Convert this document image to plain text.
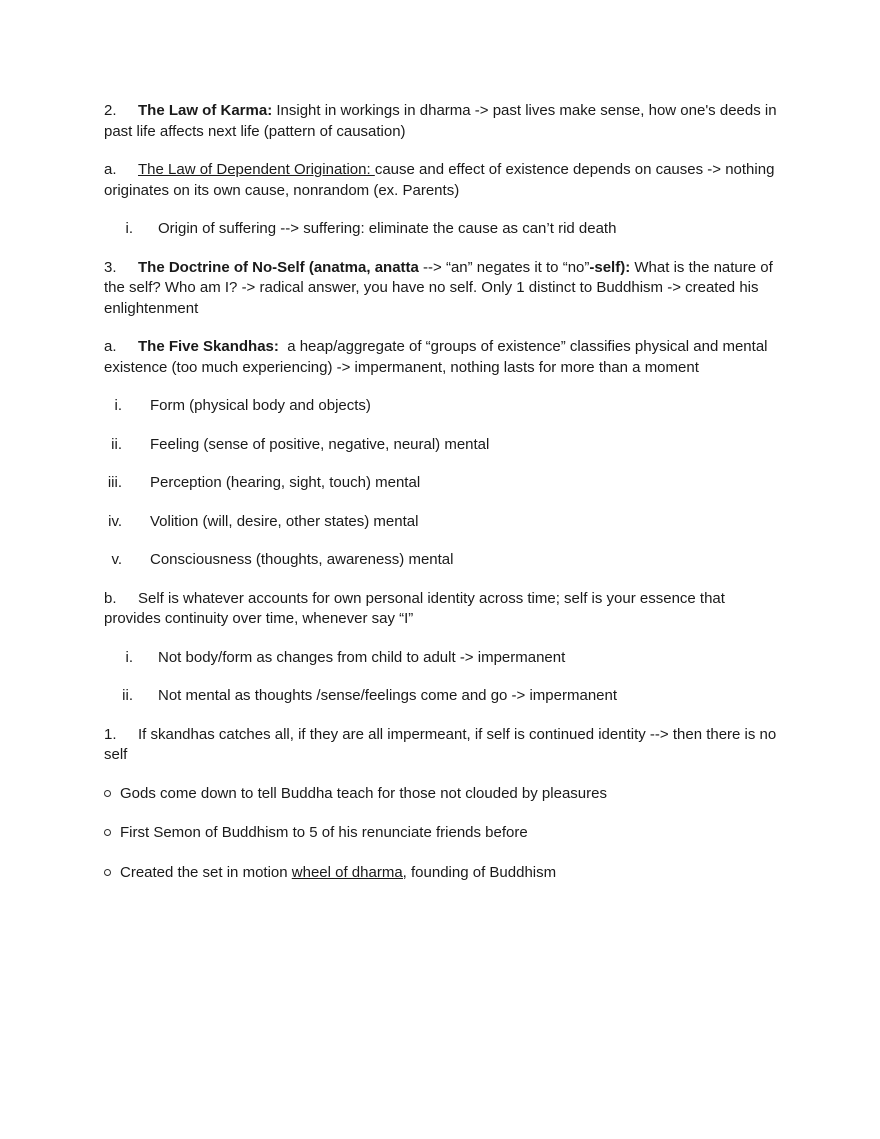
2. The Law of Karma: Insight in workings in dharma -> past lives make sense, how one's deeds in past life affects next life (pattern of causation)
a. The Law of Dependent Origination: cause and effect of existence depends on causes -> nothing originates on its own cause, nonrandom (ex. Parents)
i. Origin of suffering --> suffering: eliminate the cause as can’t rid death
3. The Doctrine of No-Self (anatma, anatta --> “an” negates it to “no”-self): What is the nature of the self? Who am I? -> radical answer, you have no self. Only 1 distinct to Buddhism -> created his enlightenment
a. The Five Skandhas:  a heap/aggregate of “groups of existence” classifies physical and mental existence (too much experiencing) -> impermanent, nothing lasts for more than a moment
i. Form (physical body and objects)
ii. Feeling (sense of positive, negative, neural) mental
iii. Perception (hearing, sight, touch) mental
iv. Volition (will, desire, other states) mental
v. Consciousness (thoughts, awareness) mental
b. Self is whatever accounts for own personal identity across time; self is your essence that provides continuity over time, whenever say “I”
i. Not body/form as changes from child to adult -> impermanent
ii. Not mental as thoughts /sense/feelings come and go -> impermanent
1. If skandhas catches all, if they are all impermeant, if self is continued identity --> then there is no self
Gods come down to tell Buddha teach for those not clouded by pleasures
First Semon of Buddhism to 5 of his renunciate friends before
Created the set in motion wheel of dharma, founding of Buddhism
